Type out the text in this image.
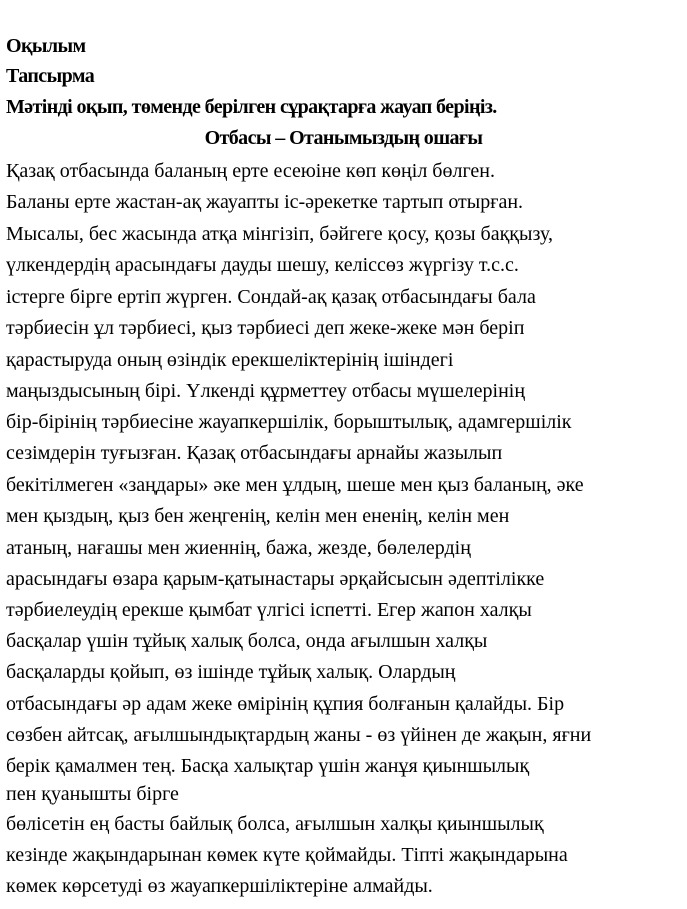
Оқылым
Тапсырма
Мәтінді оқып, төменде берілген сұрақтарға жауап беріңіз.
Отбасы – Отанымыздың ошағы
Қазақ отбасында баланың ерте есеюіне көп көңіл бөлген.
Баланы ерте жастан-ақ жауапты іс-әрекетке тартып отырған.
Мысалы, бес жасында атқа мінгізіп, бәйгеге қосу, қозы баққызу,
үлкендердің арасындағы дауды шешу, келіссөз жүргізу т.с.с.
істерге бірге ертіп жүрген. Сондай-ақ қазақ отбасындағы бала
тәрбиесін ұл тәрбиесі, қыз тәрбиесі деп жеке-жеке мән беріп
қарастыруда оның өзіндік ерекшеліктерінің ішіндегі
маңыздысының бірі. Үлкенді құрметтеу отбасы мүшелерінің
бір-бірінің тәрбиесіне жауапкершілік, борыштылық, адамгершілік
сезімдерін туғызған. Қазақ отбасындағы арнайы жазылып
бекітілмеген «заңдары» әке мен ұлдың, шеше мен қыз баланың, әке
мен қыздың, қыз бен жеңгенің, келін мен ененің, келін мен
атаның, нағашы мен жиеннің, бажа, жезде, бөлелердің
арасындағы өзара қарым-қатынастары әрқайсысын әдептілікке
тәрбиелеудің ерекше қымбат үлгісі іспетті. Егер жапон халқы
басқалар үшін тұйық халық болса, онда ағылшын халқы
басқаларды қойып, өз ішінде тұйық халық. Олардың
отбасындағы әр адам жеке өмірінің құпия болғанын қалайды. Бір
сөзбен айтсақ, ағылшындықтардың жаны - өз үйінен де жақын, яғни
берік қамалмен тең. Басқа халықтар үшін жанұя қиыншылық
пен қуанышты бірге
бөлісетін ең басты байлық болса, ағылшын халқы қиыншылық
кезінде жақындарынан көмек күте қоймайды. Тіпті жақындарына
көмек көрсетуді өз жауапкершіліктеріне алмайды.
